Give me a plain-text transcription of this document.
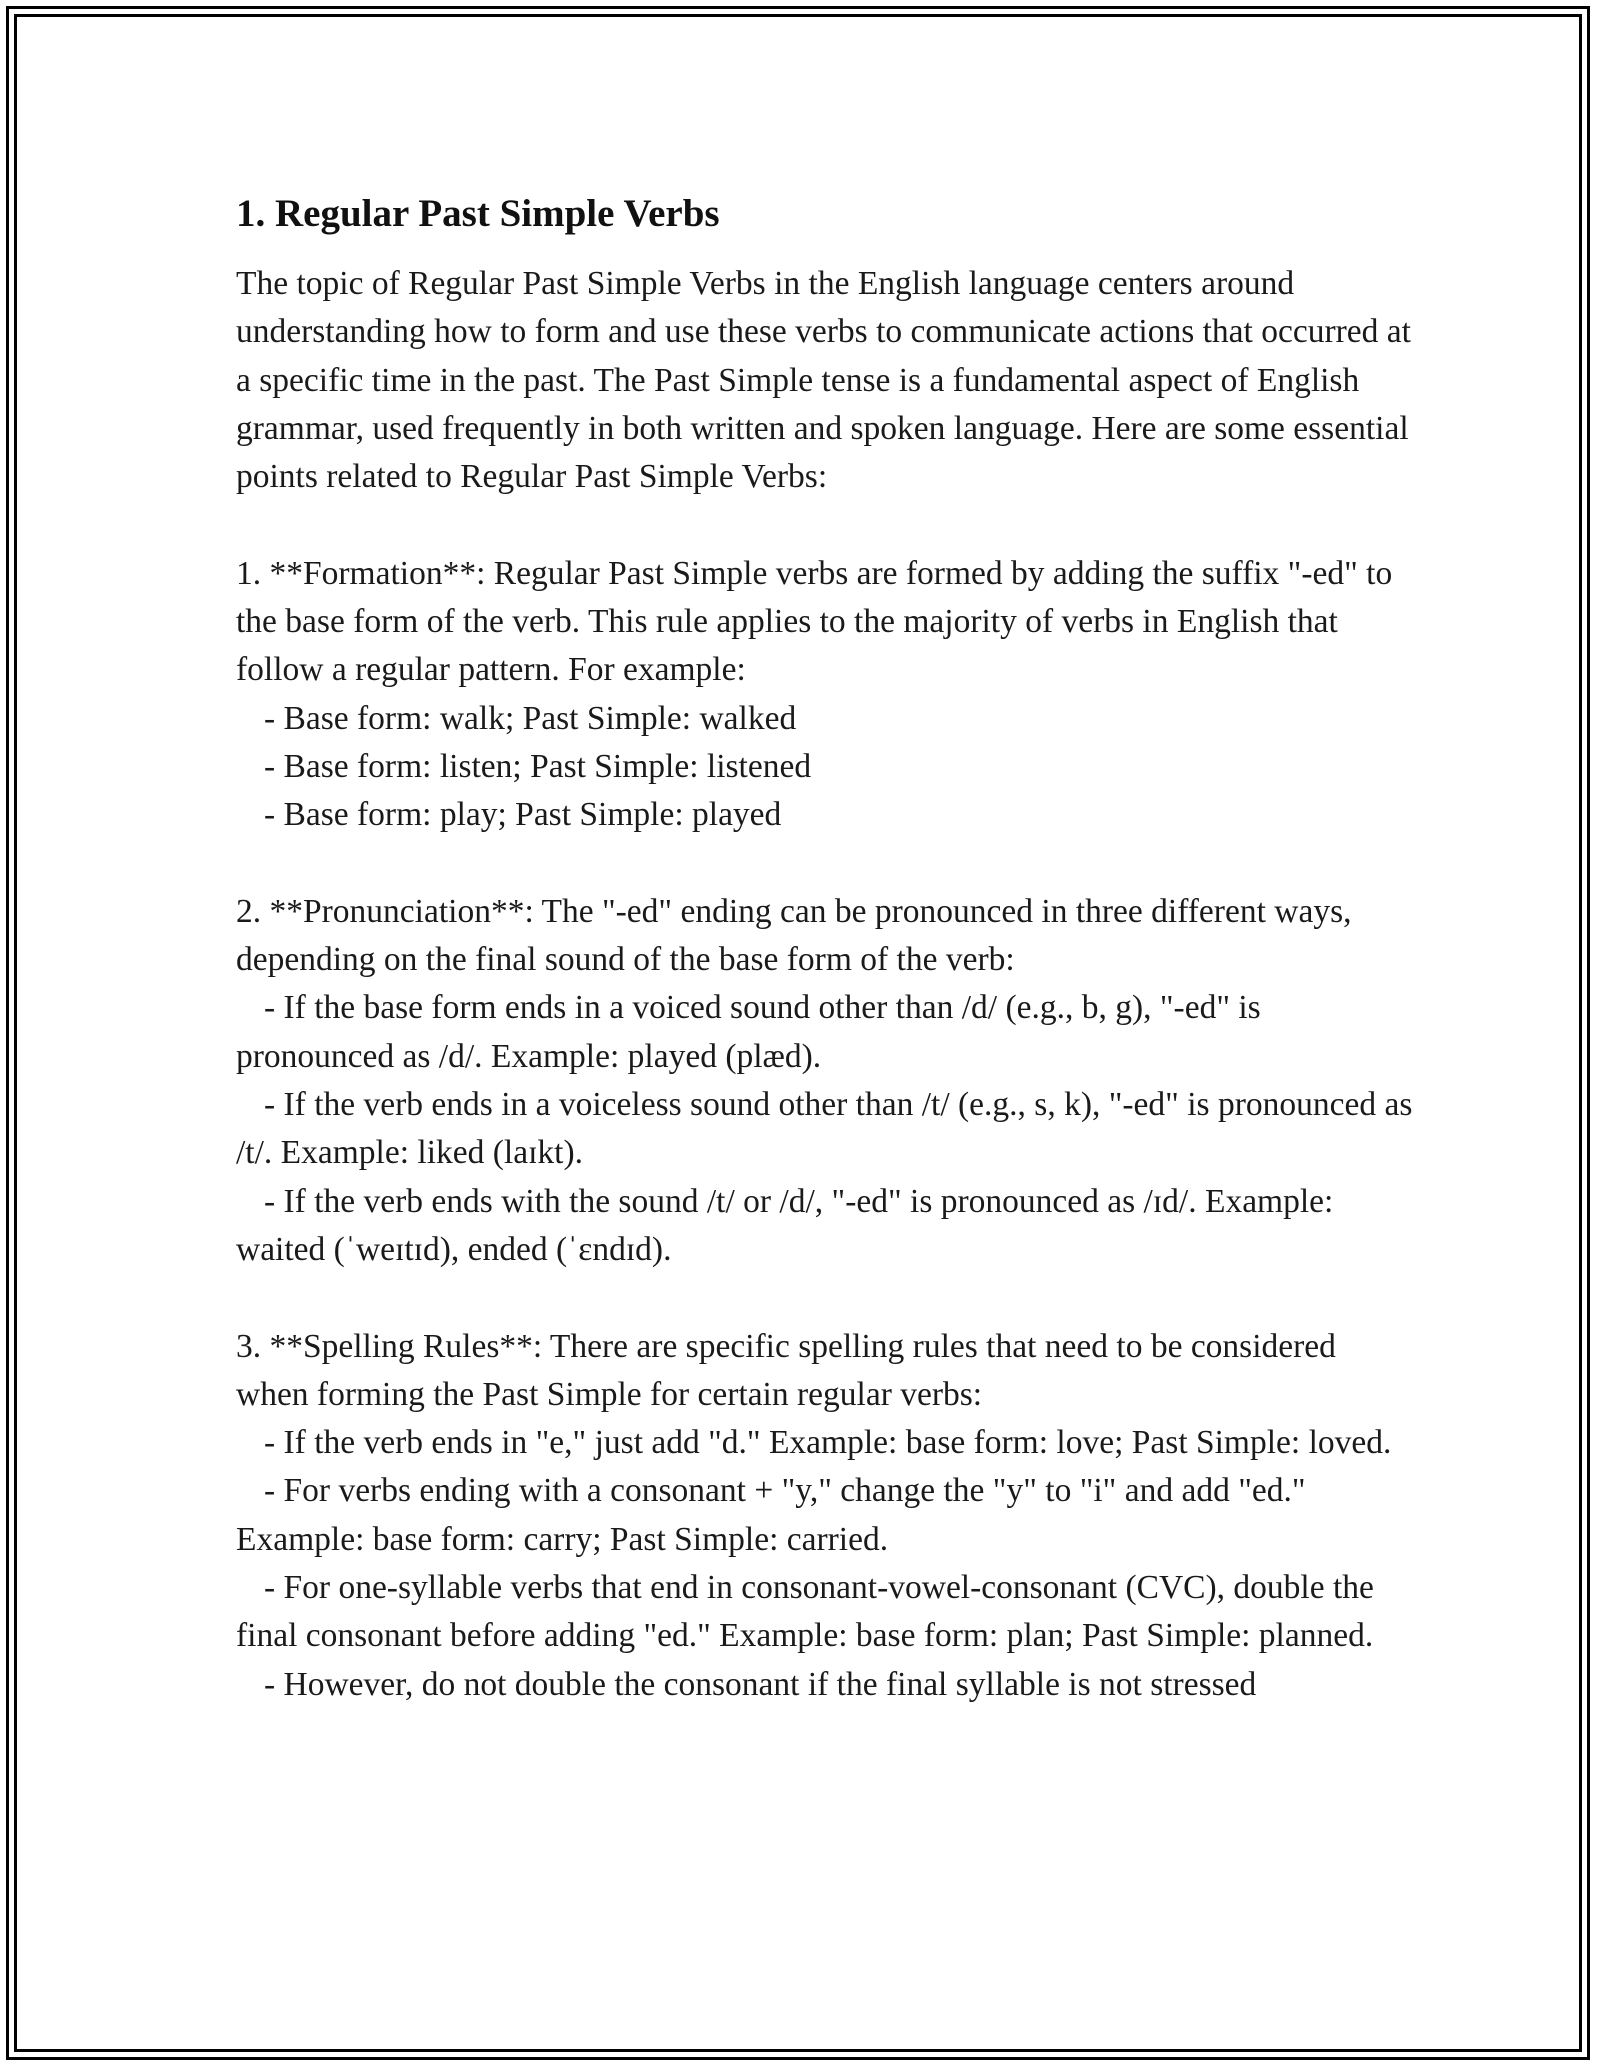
1. Regular Past Simple Verbs

The topic of Regular Past Simple Verbs in the English language centers around understanding how to form and use these verbs to communicate actions that occurred at a specific time in the past. The Past Simple tense is a fundamental aspect of English grammar, used frequently in both written and spoken language. Here are some essential points related to Regular Past Simple Verbs:

1. **Formation**: Regular Past Simple verbs are formed by adding the suffix "-ed" to the base form of the verb. This rule applies to the majority of verbs in English that follow a regular pattern. For example:

- Base form: walk; Past Simple: walked

- Base form: listen; Past Simple: listened

- Base form: play; Past Simple: played

2. **Pronunciation**: The "-ed" ending can be pronounced in three different ways, depending on the final sound of the base form of the verb:

- If the base form ends in a voiced sound other than /d/ (e.g., b, g), "-ed" is pronounced as /d/. Example: played (plæd).

- If the verb ends in a voiceless sound other than /t/ (e.g., s, k), "-ed" is pronounced as /t/. Example: liked (laɪkt).

- If the verb ends with the sound /t/ or /d/, "-ed" is pronounced as /ɪd/. Example: waited (ˈweɪtɪd), ended (ˈɛndɪd).

3. **Spelling Rules**: There are specific spelling rules that need to be considered when forming the Past Simple for certain regular verbs:

- If the verb ends in "e," just add "d." Example: base form: love; Past Simple: loved.

- For verbs ending with a consonant + "y," change the "y" to "i" and add "ed." Example: base form: carry; Past Simple: carried.

- For one-syllable verbs that end in consonant-vowel-consonant (CVC), double the final consonant before adding "ed." Example: base form: plan; Past Simple: planned.

- However, do not double the consonant if the final syllable is not stressed
